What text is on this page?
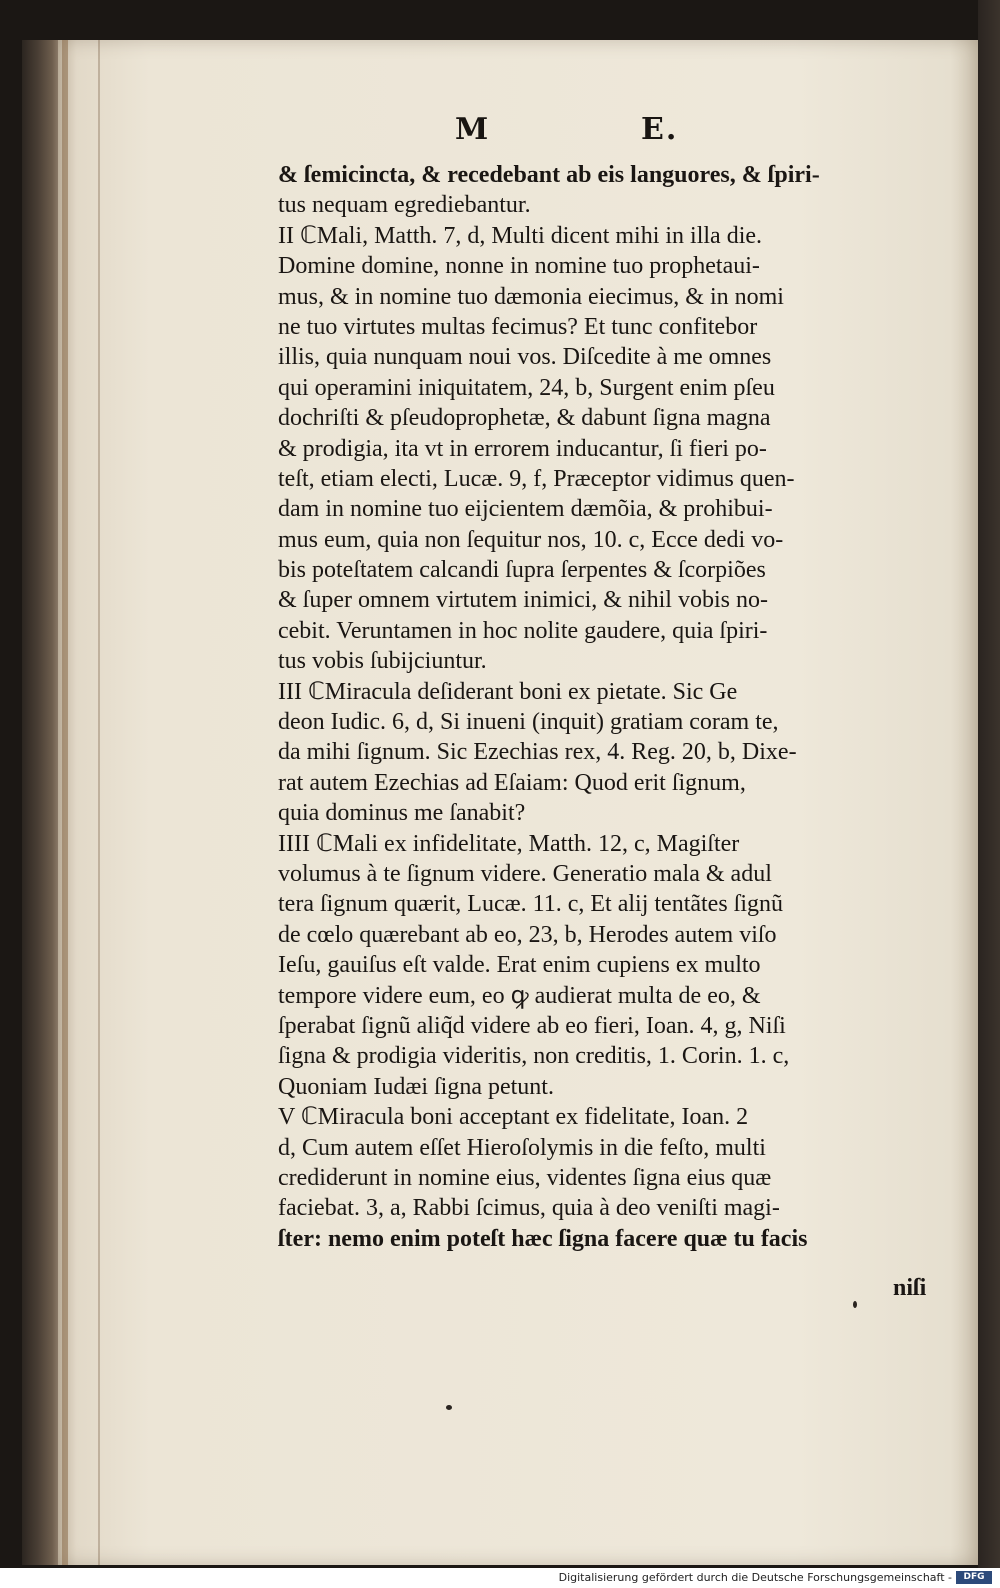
M	E.
& ſemicincta, & recedebant ab eis languores, & ſpiri-
tus nequam egrediebantur.
II ℂMali, Matth. 7, d, Multi dicent mihi in illa die.
Domine domine, nonne in nomine tuo prophetaui-
mus, & in nomine tuo dæmonia eiecimus, & in nomi
ne tuo virtutes multas fecimus? Et tunc confitebor
illis, quia nunquam noui vos. Diſcedite à me omnes
qui operamini iniquitatem, 24, b, Surgent enim pſeu
dochriſti & pſeudoprophetæ, & dabunt ſigna magna
& prodigia, ita vt in errorem inducantur, ſi fieri po-
teſt, etiam electi, Lucæ. 9, f, Præceptor vidimus quen-
dam in nomine tuo eijcientem dæmõia, & prohibui-
mus eum, quia non ſequitur nos, 10. c, Ecce dedi vo-
bis poteſtatem calcandi ſupra ſerpentes & ſcorpiões
& ſuper omnem virtutem inimici, & nihil vobis no-
cebit. Veruntamen in hoc nolite gaudere, quia ſpiri-
tus vobis ſubijciuntur.
III ℂMiracula deſiderant boni ex pietate. Sic Ge
deon Iudic. 6, d, Si inueni (inquit) gratiam coram te,
da mihi ſignum. Sic Ezechias rex, 4. Reg. 20, b, Dixe-
rat autem Ezechias ad Eſaiam: Quod erit ſignum,
quia dominus me ſanabit?
IIII ℂMali ex infidelitate, Matth. 12, c, Magiſter
volumus à te ſignum videre. Generatio mala & adul
tera ſignum quærit, Lucæ. 11. c, Et alij tentãtes ſignũ
de cœlo quærebant ab eo, 23, b, Herodes autem viſo
Ieſu, gauiſus eſt valde. Erat enim cupiens ex multo
tempore videre eum, eo ꝙ audierat multa de eo, &
ſperabat ſignũ aliq̃d videre ab eo fieri, Ioan. 4, g, Niſi
ſigna & prodigia videritis, non creditis, 1. Corin. 1. c,
Quoniam Iudæi ſigna petunt.
V ℂMiracula boni acceptant ex fidelitate, Ioan. 2
d, Cum autem eſſet Hieroſolymis in die feſto, multi
crediderunt in nomine eius, videntes ſigna eius quæ
faciebat. 3, a, Rabbi ſcimus, quia à deo veniſti magi-
ſter: nemo enim poteſt hæc ſigna facere quæ tu facis
niſi
Digitalisierung gefördert durch die Deutsche Forschungsgemeinschaft -	DFG
